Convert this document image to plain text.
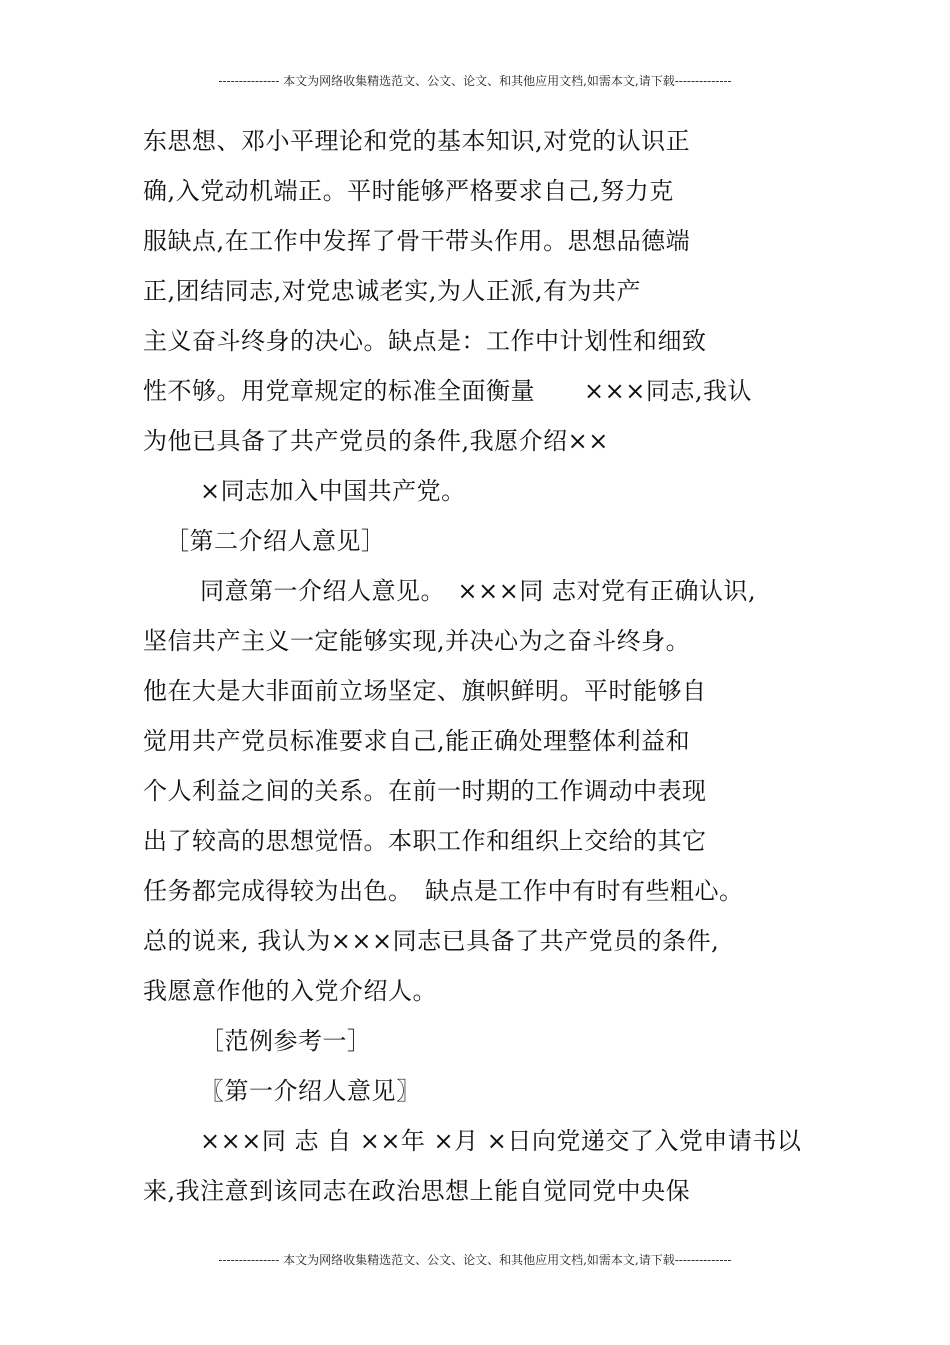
--------------- 本文为网络收集精选范文、公文、论文、和其他应用文档,如需本文,请下载--------------
东思想、邓小平理论和党的基本知识,对党的认识正
确,入党动机端正。平时能够严格要求自己,努力克
服缺点,在工作中发挥了骨干带头作用。思想品德端
正,团结同志,对党忠诚老实,为人正派,有为共产
主义奋斗终身的决心。缺点是：工作中计划性和细致
性不够。用党章规定的标准全面衡量　　×××同志,我认
为他已具备了共产党员的条件,我愿介绍××
×同志加入中国共产党。
［第二介绍人意见］
同意第一介绍人意见。　×××同 志对党有正确认识,
坚信共产主义一定能够实现,并决心为之奋斗终身。
他在大是大非面前立场坚定、旗帜鲜明。平时能够自
觉用共产党员标准要求自己,能正确处理整体利益和
个人利益之间的关系。在前一时期的工作调动中表现
出了较高的思想觉悟。本职工作和组织上交给的其它
任务都完成得较为出色。　缺点是工作中有时有些粗心。
总的说来, 我认为×××同志已具备了共产党员的条件,
我愿意作他的入党介绍人。
［范例参考一］
〖第一介绍人意见〗
×××同 志 自 ××年 ×月 ×日向党递交了入党申请书以
来,我注意到该同志在政治思想上能自觉同党中央保
--------------- 本文为网络收集精选范文、公文、论文、和其他应用文档,如需本文,请下载--------------
